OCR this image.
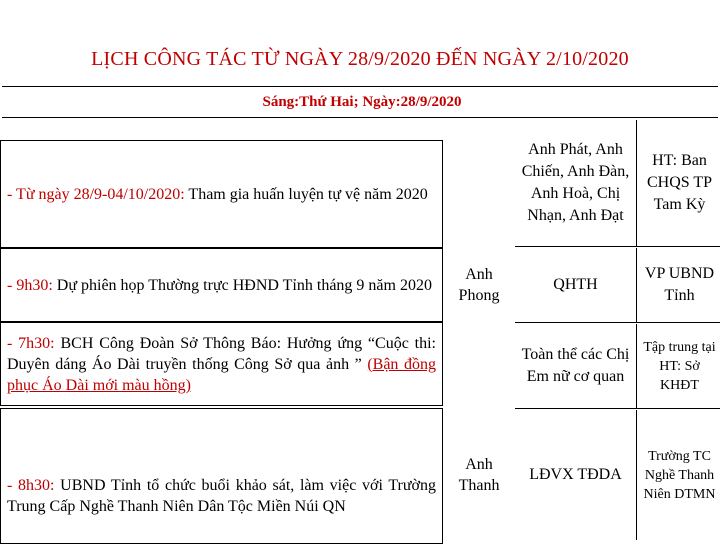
LỊCH CÔNG TÁC TỪ NGÀY 28/9/2020 ĐẾN NGÀY 2/10/2020
Sáng:Thứ Hai; Ngày:28/9/2020

- Từ ngày 28/9-04/10/2020: Tham gia huấn luyện tự vệ năm 2020

Anh Phát, Anh Chiến, Anh Đàn, Anh Hoà, Chị Nhạn, Anh Đạt
HT: Ban CHQS TP Tam Kỳ

- 9h30: Dự phiên họp Thường trực HĐND Tỉnh tháng 9 năm 2020

Anh Phong
QHTH
VP UBND Tỉnh

- 7h30: BCH Công Đoàn Sở Thông Báo: Hưởng ứng “Cuộc thi: Duyên dáng Áo Dài truyền thống Công Sở qua ảnh ” (Bận đồng phục Áo Dài mới màu hồng)

Toàn thể các Chị Em nữ cơ quan
Tập trung tại HT: Sở KHĐT

- 8h30: UBND Tỉnh tổ chức buổi khảo sát, làm việc với Trường Trung Cấp Nghề Thanh Niên Dân Tộc Miền Núi QN

Anh Thanh
LĐVX TĐDA
Trường TC Nghề Thanh Niên DTMN
